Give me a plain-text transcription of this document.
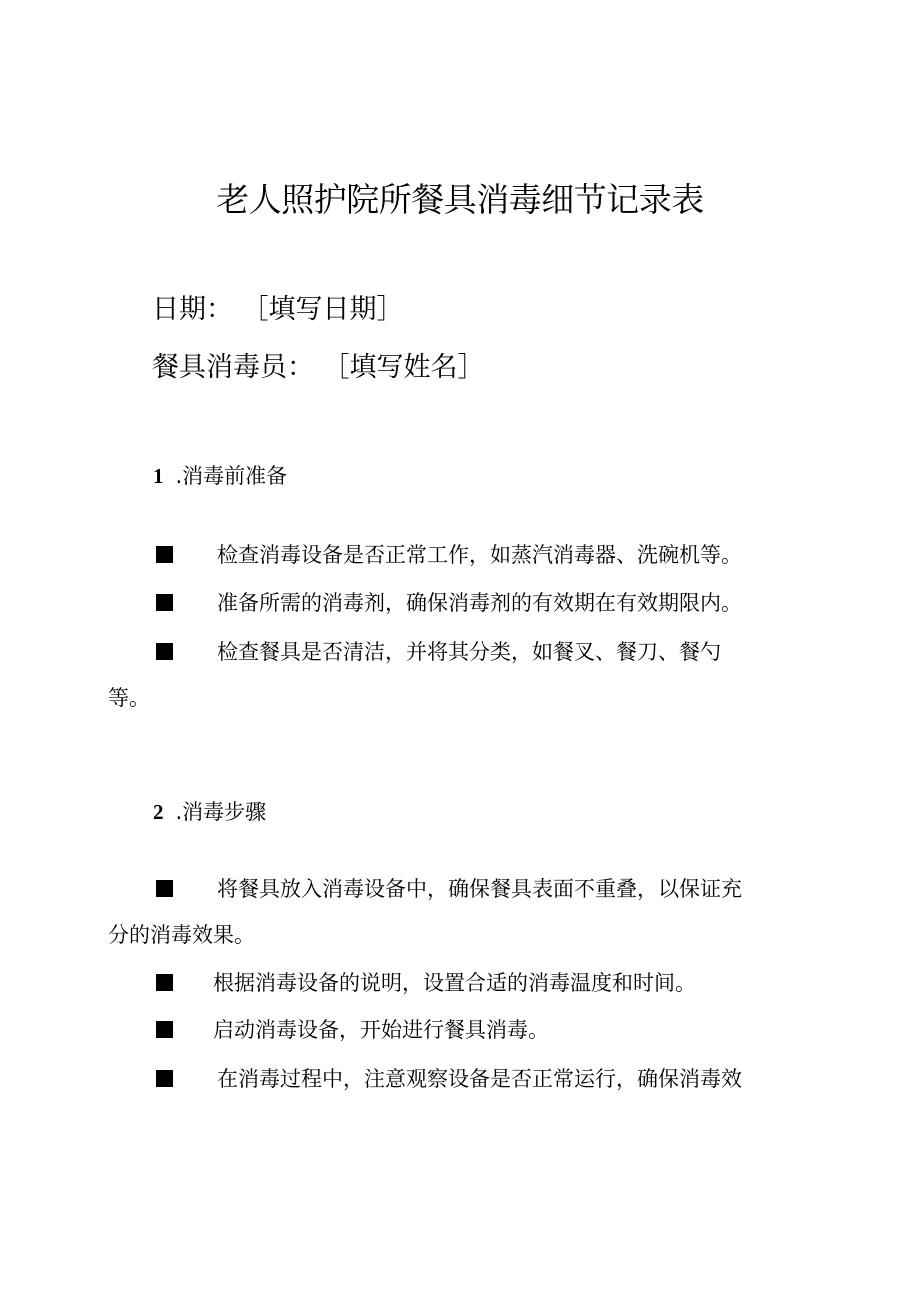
老人照护院所餐具消毒细节记录表
日期： ［填写日期］
餐具消毒员： ［填写姓名］
1 .消毒前准备
检查消毒设备是否正常工作，如蒸汽消毒器、洗碗机等。
准备所需的消毒剂，确保消毒剂的有效期在有效期限内。
检查餐具是否清洁，并将其分类，如餐叉、餐刀、餐勺
等。
2 .消毒步骤
将餐具放入消毒设备中，确保餐具表面不重叠，以保证充
分的消毒效果。
根据消毒设备的说明，设置合适的消毒温度和时间。
启动消毒设备，开始进行餐具消毒。
在消毒过程中，注意观察设备是否正常运行，确保消毒效
